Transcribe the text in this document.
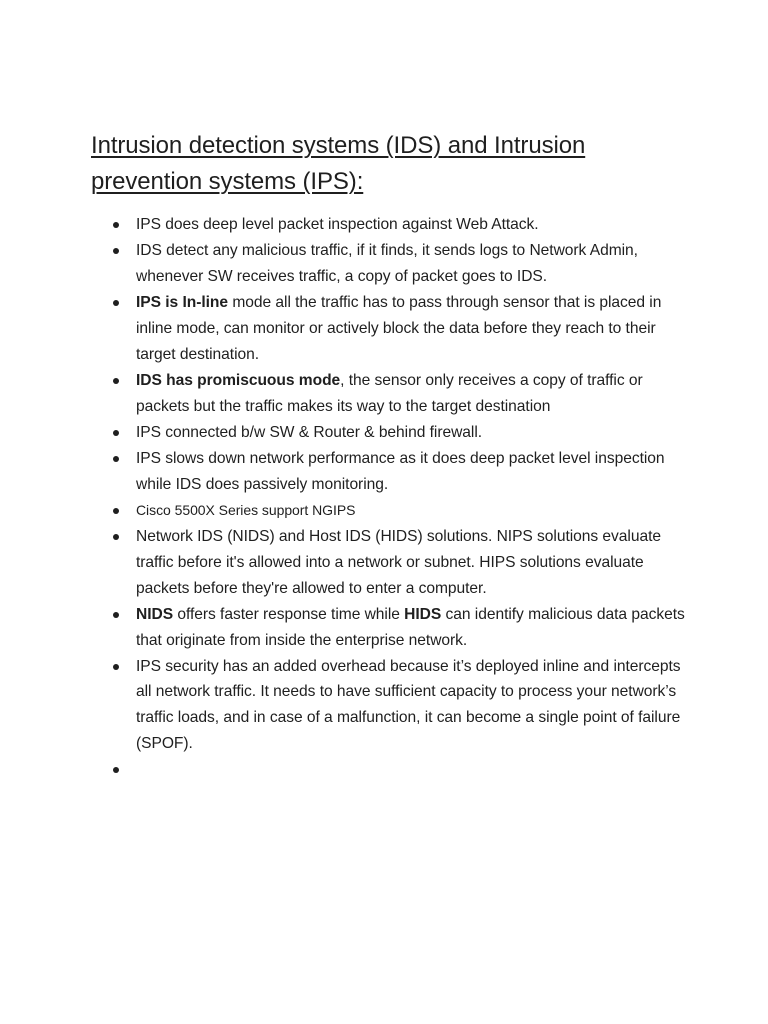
Intrusion detection systems (IDS) and Intrusion prevention systems (IPS):
IPS does deep level packet inspection against Web Attack.
IDS detect any malicious traffic, if it finds, it sends logs to Network Admin, whenever SW receives traffic, a copy of packet goes to IDS.
IPS is In-line mode all the traffic has to pass through sensor that is placed in inline mode, can monitor or actively block the data before they reach to their target destination.
IDS has promiscuous mode, the sensor only receives a copy of traffic or packets but the traffic makes its way to the target destination
IPS connected b/w SW & Router & behind firewall.
IPS slows down network performance as it does deep packet level inspection while IDS does passively monitoring.
Cisco 5500X Series support NGIPS
Network IDS (NIDS) and Host IDS (HIDS) solutions. NIPS solutions evaluate traffic before it's allowed into a network or subnet. HIPS solutions evaluate packets before they're allowed to enter a computer.
NIDS offers faster response time while HIDS can identify malicious data packets that originate from inside the enterprise network.
IPS security has an added overhead because it’s deployed inline and intercepts all network traffic. It needs to have sufficient capacity to process your network’s traffic loads, and in case of a malfunction, it can become a single point of failure (SPOF).
